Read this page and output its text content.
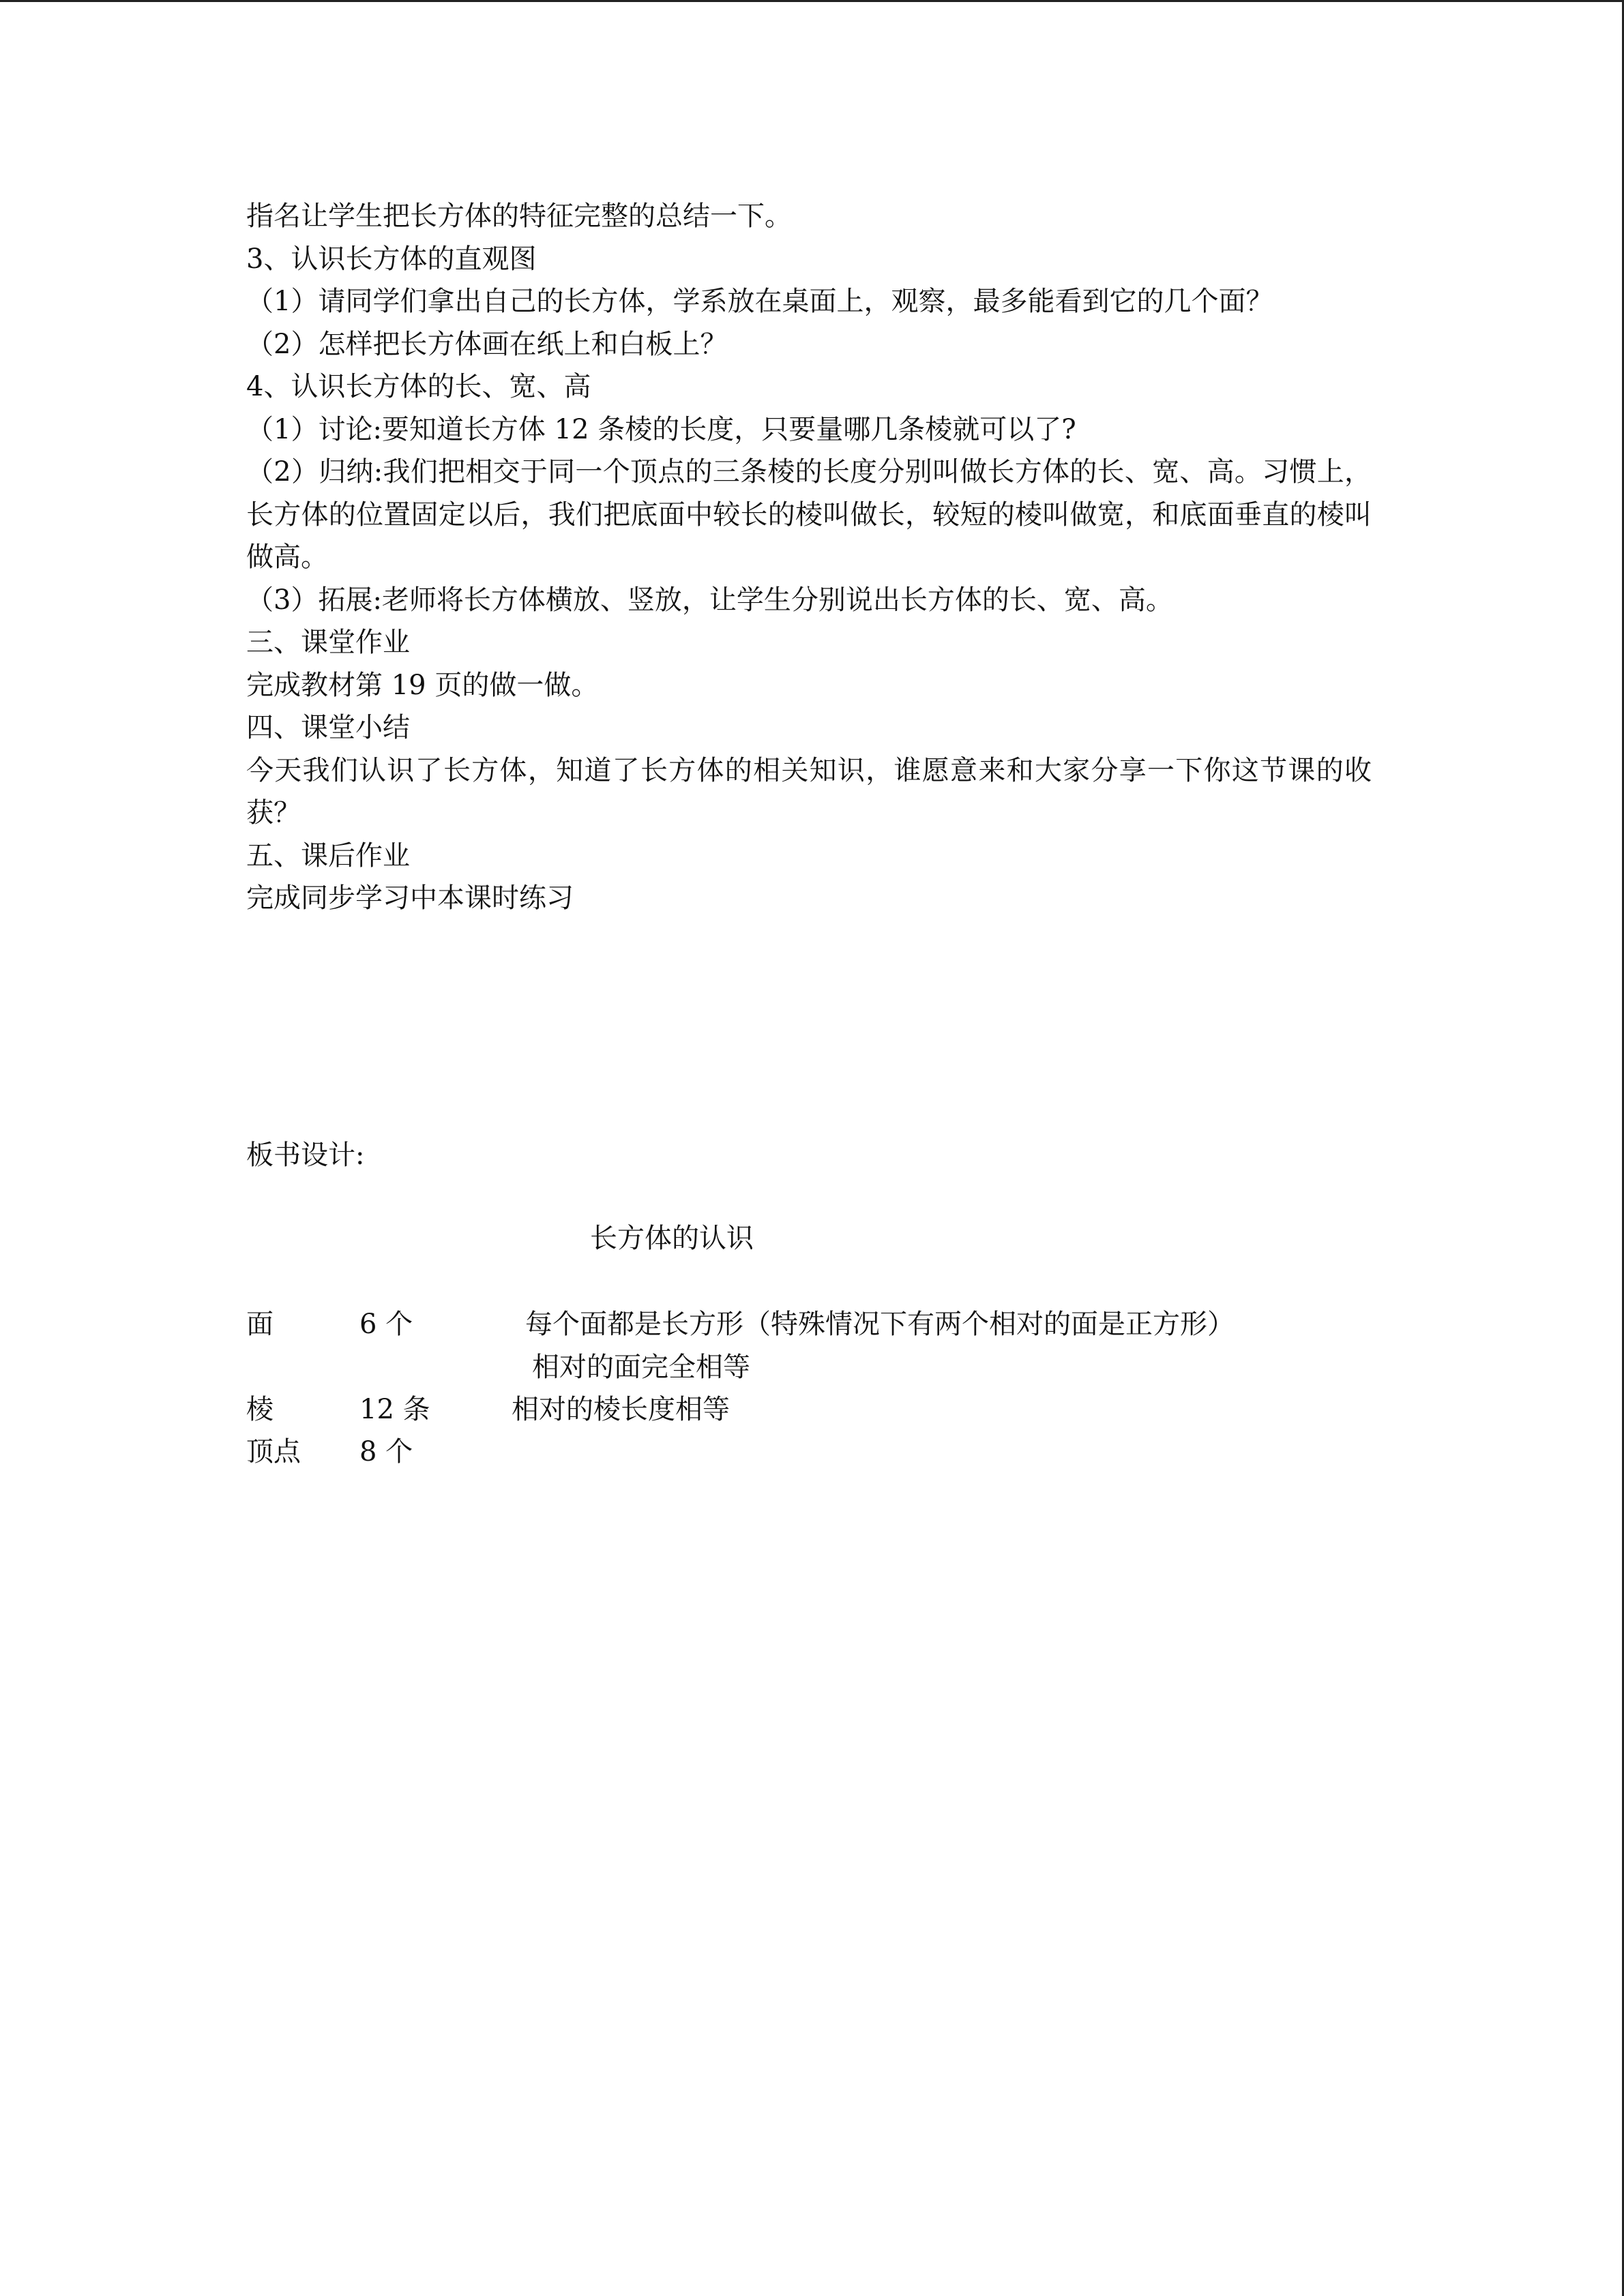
指名让学生把长方体的特征完整的总结一下。

3、认识长方体的直观图

（1）请同学们拿出自己的长方体，学系放在桌面上，观察，最多能看到它的几个面？

（2）怎样把长方体画在纸上和白板上？

4、认识长方体的长、宽、高

（1）讨论:要知道长方体 12 条棱的长度，只要量哪几条棱就可以了?

（2）归纳:我们把相交于同一个顶点的三条棱的长度分别叫做长方体的长、宽、高。习惯上，长方体的位置固定以后，我们把底面中较长的棱叫做长，较短的棱叫做宽，和底面垂直的棱叫做高。

（3）拓展:老师将长方体横放、竖放，让学生分别说出长方体的长、宽、高。

三、课堂作业

完成教材第 19 页的做一做。

四、课堂小结

今天我们认识了长方体，知道了长方体的相关知识，谁愿意来和大家分享一下你这节课的收获？

五、课后作业

完成同步学习中本课时练习

板书设计:
长方体的认识
面	6 个	每个面都是长方形（特殊情况下有两个相对的面是正方形）
相对的面完全相等
棱	12 条	相对的棱长度相等
顶点 8 个
